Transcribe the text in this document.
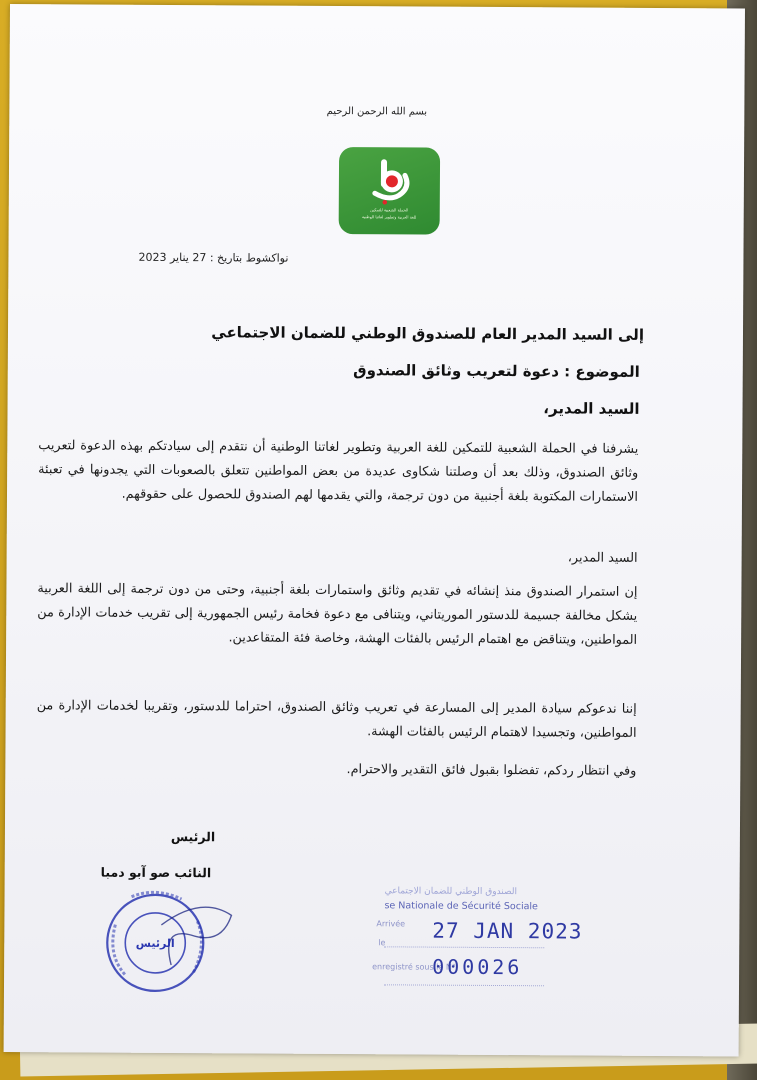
بسم الله الرحمن الرحيم
الحملة الشعبية للتمكين
للغة العربية وتطوير لغاتنا الوطنية
نواكشوط بتاريخ : 27 يناير 2023
إلى السيد المدير العام للصندوق الوطني للضمان الاجتماعي
الموضوع : دعوة لتعريب وثائق الصندوق
السيد المدير،
يشرفنا في الحملة الشعبية للتمكين للغة العربية وتطوير لغاتنا الوطنية أن نتقدم إلى سيادتكم بهذه الدعوة لتعريب وثائق الصندوق، وذلك بعد أن وصلتنا شكاوى عديدة من بعض المواطنين تتعلق بالصعوبات التي يجدونها في تعبئة الاستمارات المكتوبة بلغة أجنبية من دون ترجمة، والتي يقدمها لهم الصندوق للحصول على حقوقهم.
السيد المدير،
إن استمرار الصندوق منذ إنشائه في تقديم وثائق واستمارات بلغة أجنبية، وحتى من دون ترجمة إلى اللغة العربية يشكل مخالفة جسيمة للدستور الموريتاني، ويتنافى مع دعوة فخامة رئيس الجمهورية إلى تقريب خدمات الإدارة من المواطنين، ويتناقض مع اهتمام الرئيس بالفئات الهشة، وخاصة فئة المتقاعدين.
إننا ندعوكم سيادة المدير إلى المسارعة في تعريب وثائق الصندوق، احتراما للدستور، وتقريبا لخدمات الإدارة من المواطنين، وتجسيدا لاهتمام الرئيس بالفئات الهشة.
وفي انتظار ردكم، تفضلوا بقبول فائق التقدير والاحترام.
الرئيس
النائب صو آبو دمبا
الرئيس
الصندوق الوطني للضمان الاجتماعي
se Nationale de Sécurité Sociale
Arrivée
le 27 JAN 2023
enregistré sous le N°
000026
